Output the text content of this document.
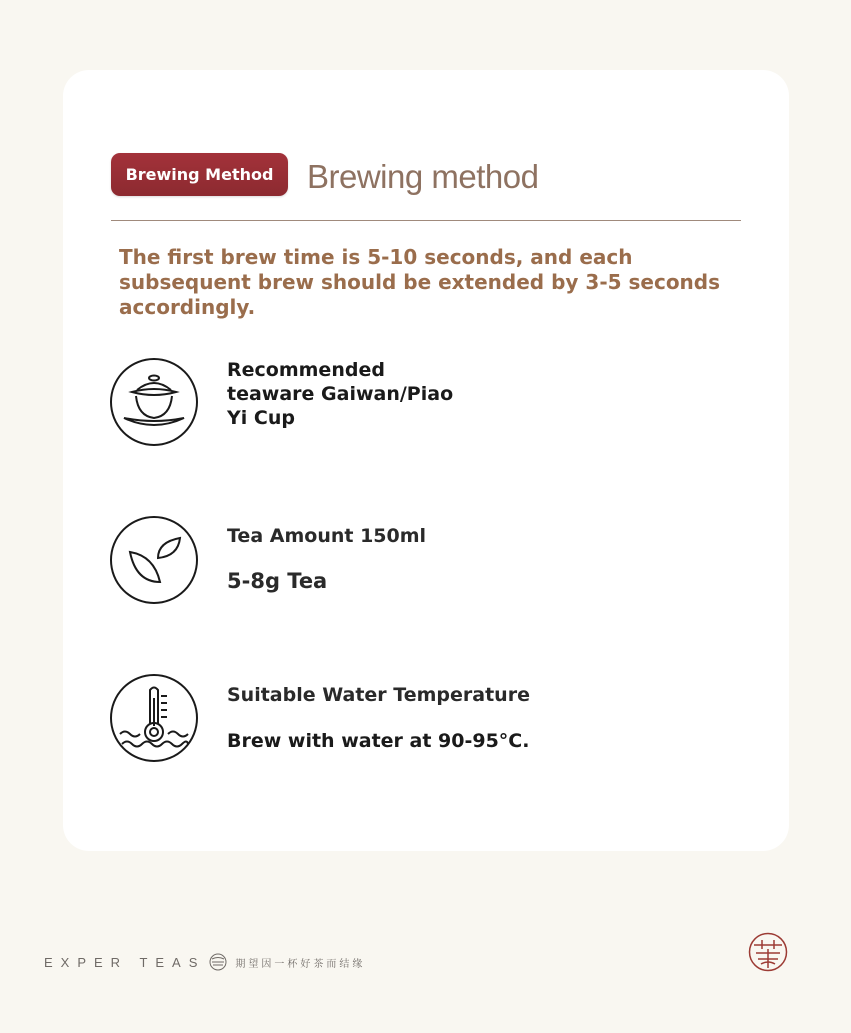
Brewing Method	Brewing method
The first brew time is 5-10 seconds, and each subsequent brew should be extended by 3-5 seconds accordingly.
Recommended teaware Gaiwan/Piao Yi Cup
Tea Amount 150ml
5-8g Tea
Suitable Water Temperature
Brew with water at 90-95°C.
EXPER TEAS	期望因一杯好茶而结缘
